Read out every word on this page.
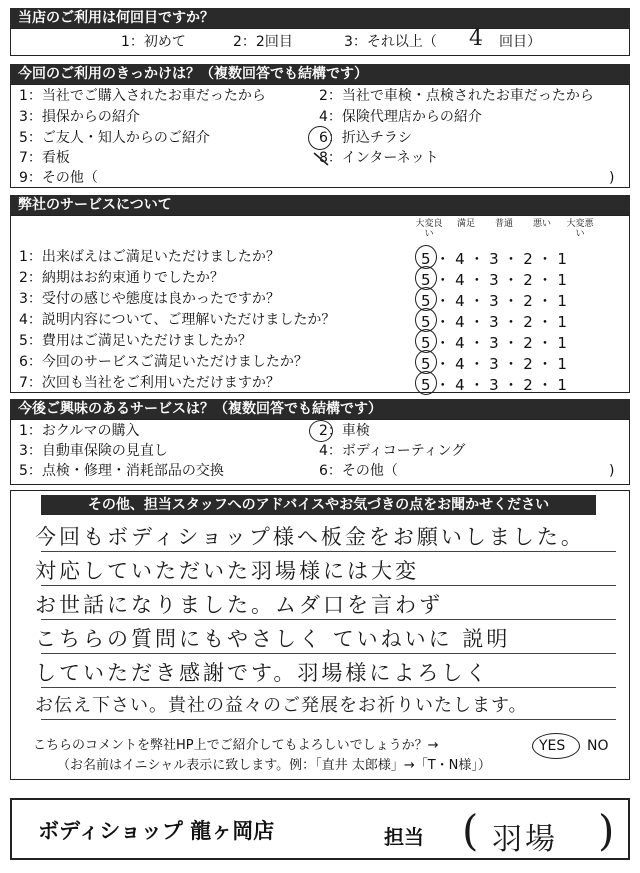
当店のご利用は何回目ですか？
1：初めて	2：2回目	3：それ以上（ 4 回目）
今回のご利用のきっかけは？（複数回答でも結構です）
1：当社でご購入されたお車だったから	2：当社で車検・点検されたお車だったから
3：損保からの紹介	4：保険代理店からの紹介
5：ご友人・知人からのご紹介	6：折込チラシ
7：看板	8：インターネット
9：その他（	)
弊社のサービスについて
大変良い
満足	普通	悪い	大変悪い
1：出来ばえはご満足いただけましたか？	5 ・ 4 ・ 3 ・ 2 ・ 1
2：納期はお約束通りでしたか？	5 ・ 4 ・ 3 ・ 2 ・ 1
3：受付の感じや態度は良かったですか？	5 ・ 4 ・ 3 ・ 2 ・ 1
4：説明内容について、ご理解いただけましたか？	5 ・ 4 ・ 3 ・ 2 ・ 1
5：費用はご満足いただけましたか？	5 ・ 4 ・ 3 ・ 2 ・ 1
6：今回のサービスご満足いただけましたか？	5 ・ 4 ・ 3 ・ 2 ・ 1
7：次回も当社をご利用いただけますか？	5 ・ 4 ・ 3 ・ 2 ・ 1
今後ご興味のあるサービスは？（複数回答でも結構です）
1：おクルマの購入	2：車検
3：自動車保険の見直し	4：ボディコーティング
5：点検・修理・消耗部品の交換	6：その他（	)
その他、担当スタッフへのアドバイスやお気づきの点をお聞かせください
今回もボディショップ様へ板金をお願いしました。
対応していただいた羽場様には大変
お世話になりました。ムダ口を言わず
こちらの質問にもやさしく ていねいに 説明
していただき感謝です。羽場様によろしく
お伝え下さい。貴社の益々のご発展をお祈りいたします。
こちらのコメントを弊社HP上でご紹介してもよろしいでしょうか？→	YES NO
（お名前はイニシャル表示に致します。例：「直井 太郎様」→「T・N様」）
ボディショップ 龍ヶ岡店	担当 ( 羽場 )
